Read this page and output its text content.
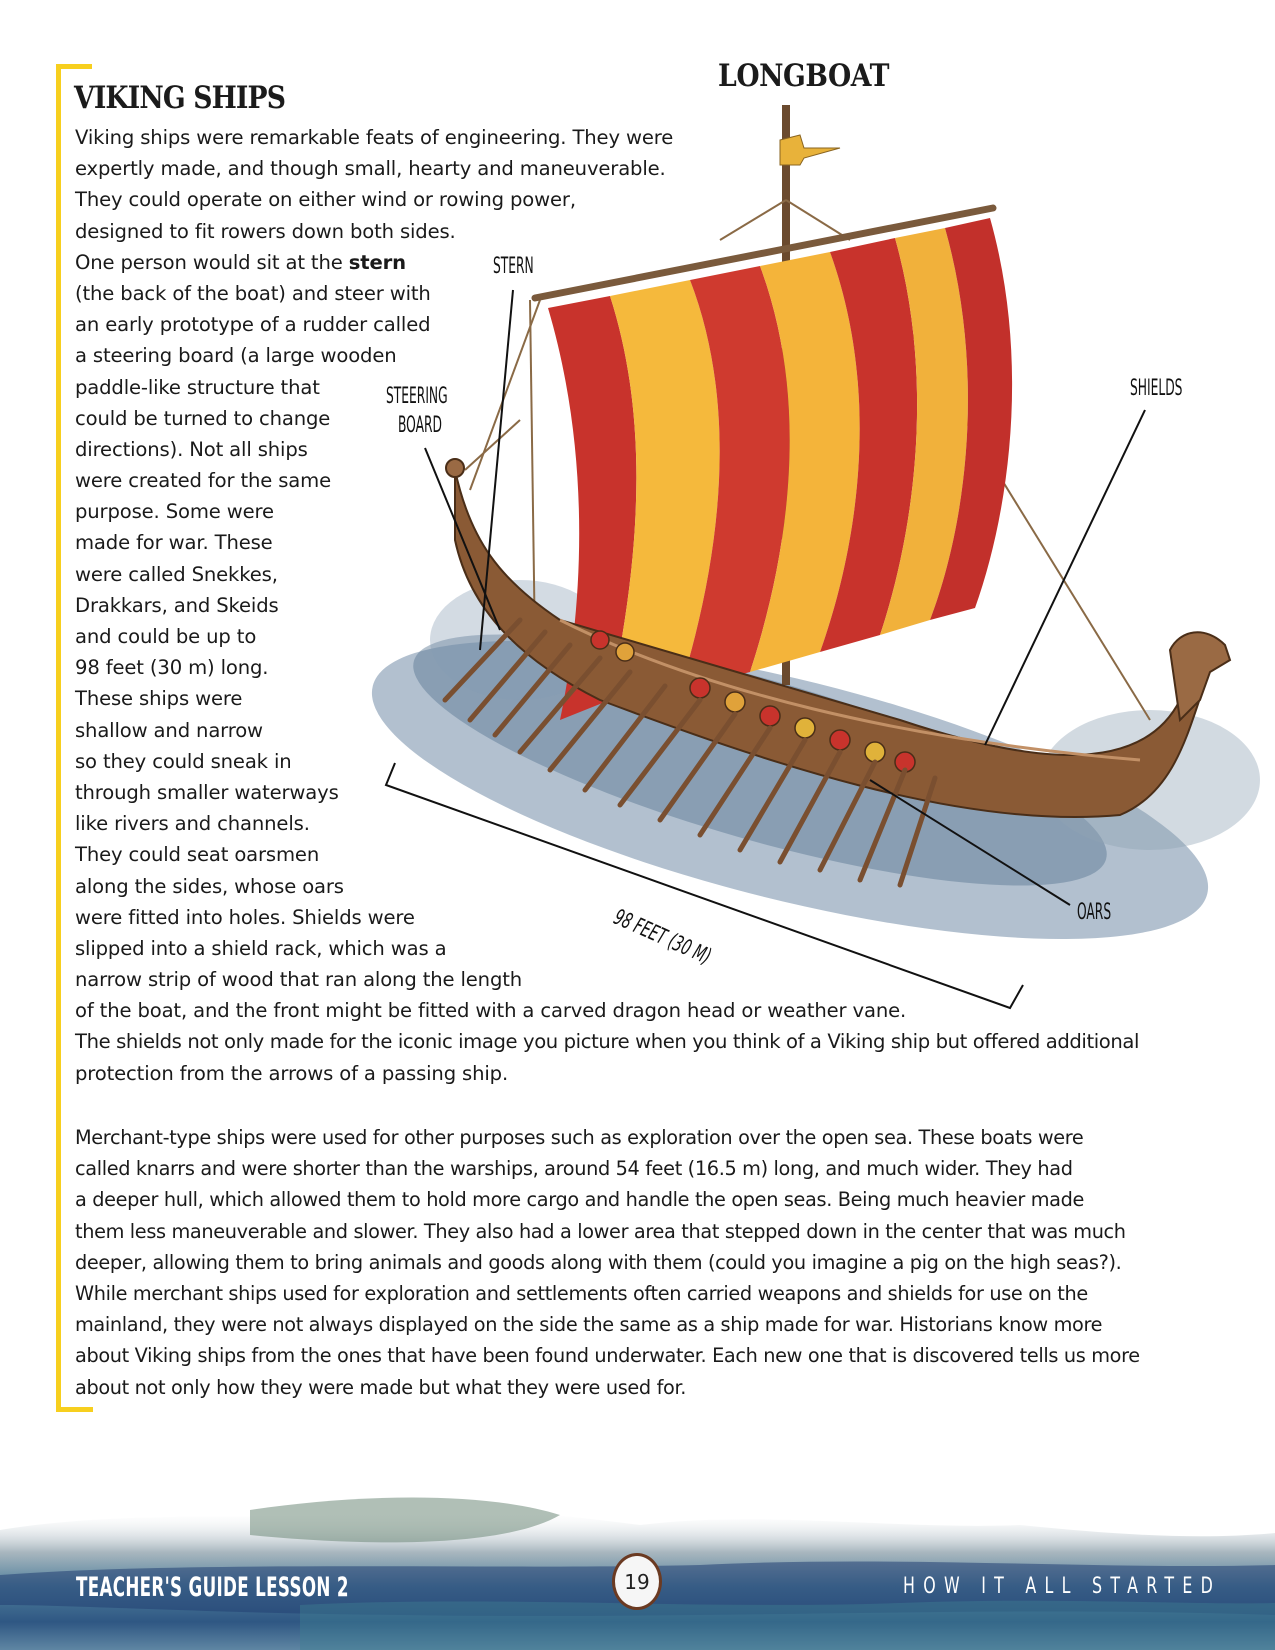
VIKING SHIPS
LONGBOAT
STERN
STEERING
BOARD
SHIELDS
OARS
98 FEET (30 M)
Viking ships were remarkable feats of engineering. They were
expertly made, and though small, hearty and maneuverable.
They could operate on either wind or rowing power,
designed to fit rowers down both sides.
One person would sit at the stern
(the back of the boat) and steer with
an early prototype of a rudder called
a steering board (a large wooden
paddle-like structure that
could be turned to change
directions). Not all ships
were created for the same
purpose. Some were
made for war. These
were called Snekkes,
Drakkars, and Skeids
and could be up to
98 feet (30 m) long.
These ships were
shallow and narrow
so they could sneak in
through smaller waterways
like rivers and channels.
They could seat oarsmen
along the sides, whose oars
were fitted into holes. Shields were
slipped into a shield rack, which was a
narrow strip of wood that ran along the length
of the boat, and the front might be fitted with a carved dragon head or weather vane.
The shields not only made for the iconic image you picture when you think of a Viking ship but offered additional
protection from the arrows of a passing ship.
Merchant-type ships were used for other purposes such as exploration over the open sea. These boats were
called knarrs and were shorter than the warships, around 54 feet (16.5 m) long, and much wider. They had
a deeper hull, which allowed them to hold more cargo and handle the open seas. Being much heavier made
them less maneuverable and slower. They also had a lower area that stepped down in the center that was much
deeper, allowing them to bring animals and goods along with them (could you imagine a pig on the high seas?).
While merchant ships used for exploration and settlements often carried weapons and shields for use on the
mainland, they were not always displayed on the side the same as a ship made for war. Historians know more
about Viking ships from the ones that have been found underwater. Each new one that is discovered tells us more
about not only how they were made but what they were used for.
TEACHER'S GUIDE LESSON 2	19	HOW IT ALL STARTED
